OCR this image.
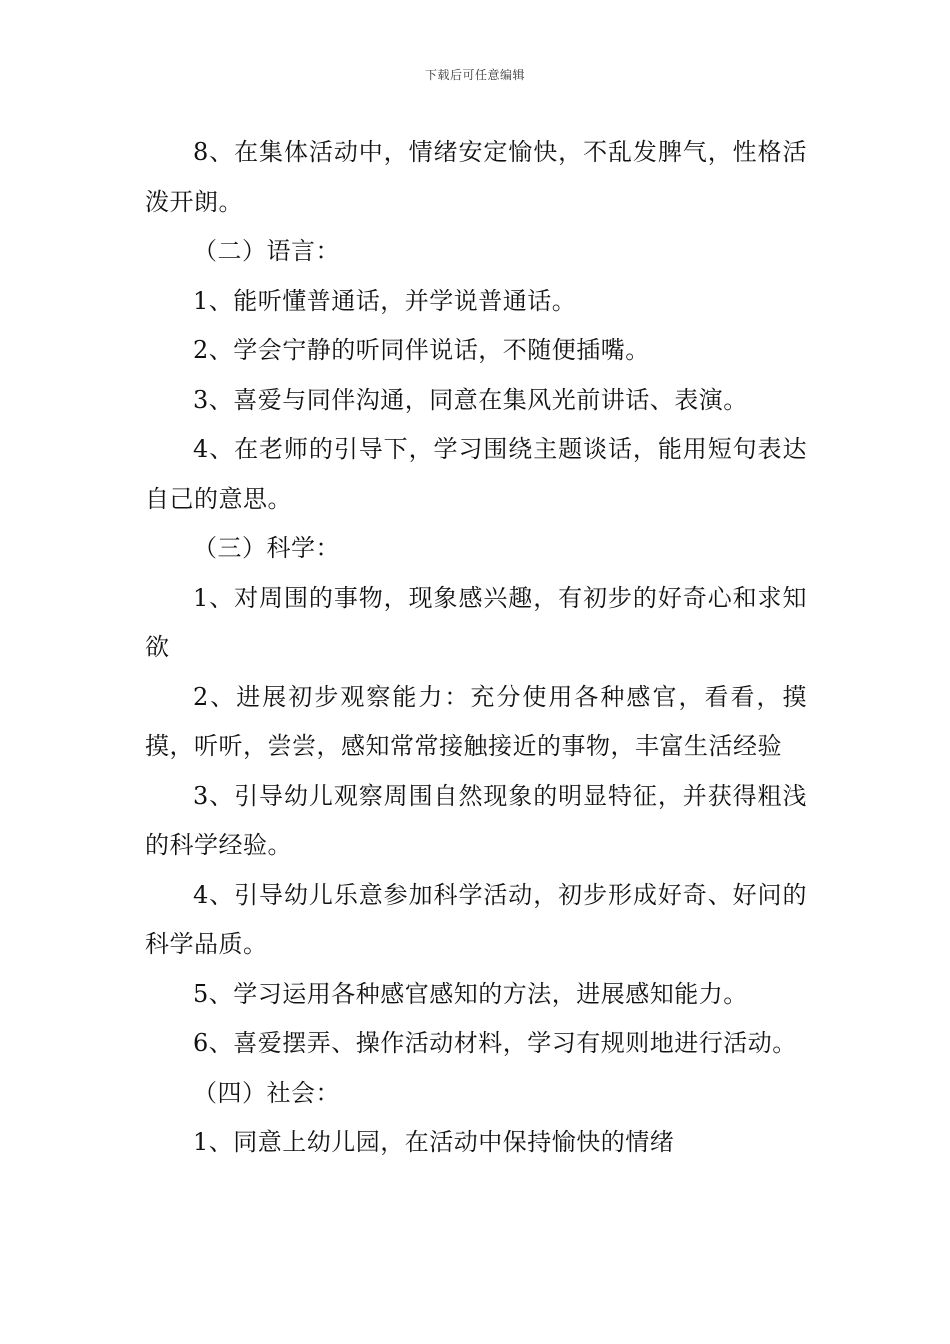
下载后可任意编辑

8、在集体活动中，情绪安定愉快，不乱发脾气，性格活泼开朗。

（二）语言：

1、能听懂普通话，并学说普通话。

2、学会宁静的听同伴说话，不随便插嘴。

3、喜爱与同伴沟通，同意在集风光前讲话、表演。

4、在老师的引导下，学习围绕主题谈话，能用短句表达自己的意思。

（三）科学：

1、对周围的事物，现象感兴趣，有初步的好奇心和求知欲

2、进展初步观察能力：充分使用各种感官，看看，摸摸，听听，尝尝，感知常常接触接近的事物，丰富生活经验

3、引导幼儿观察周围自然现象的明显特征，并获得粗浅的科学经验。

4、引导幼儿乐意参加科学活动，初步形成好奇、好问的科学品质。

5、学习运用各种感官感知的方法，进展感知能力。

6、喜爱摆弄、操作活动材料，学习有规则地进行活动。

（四）社会：

1、同意上幼儿园，在活动中保持愉快的情绪
